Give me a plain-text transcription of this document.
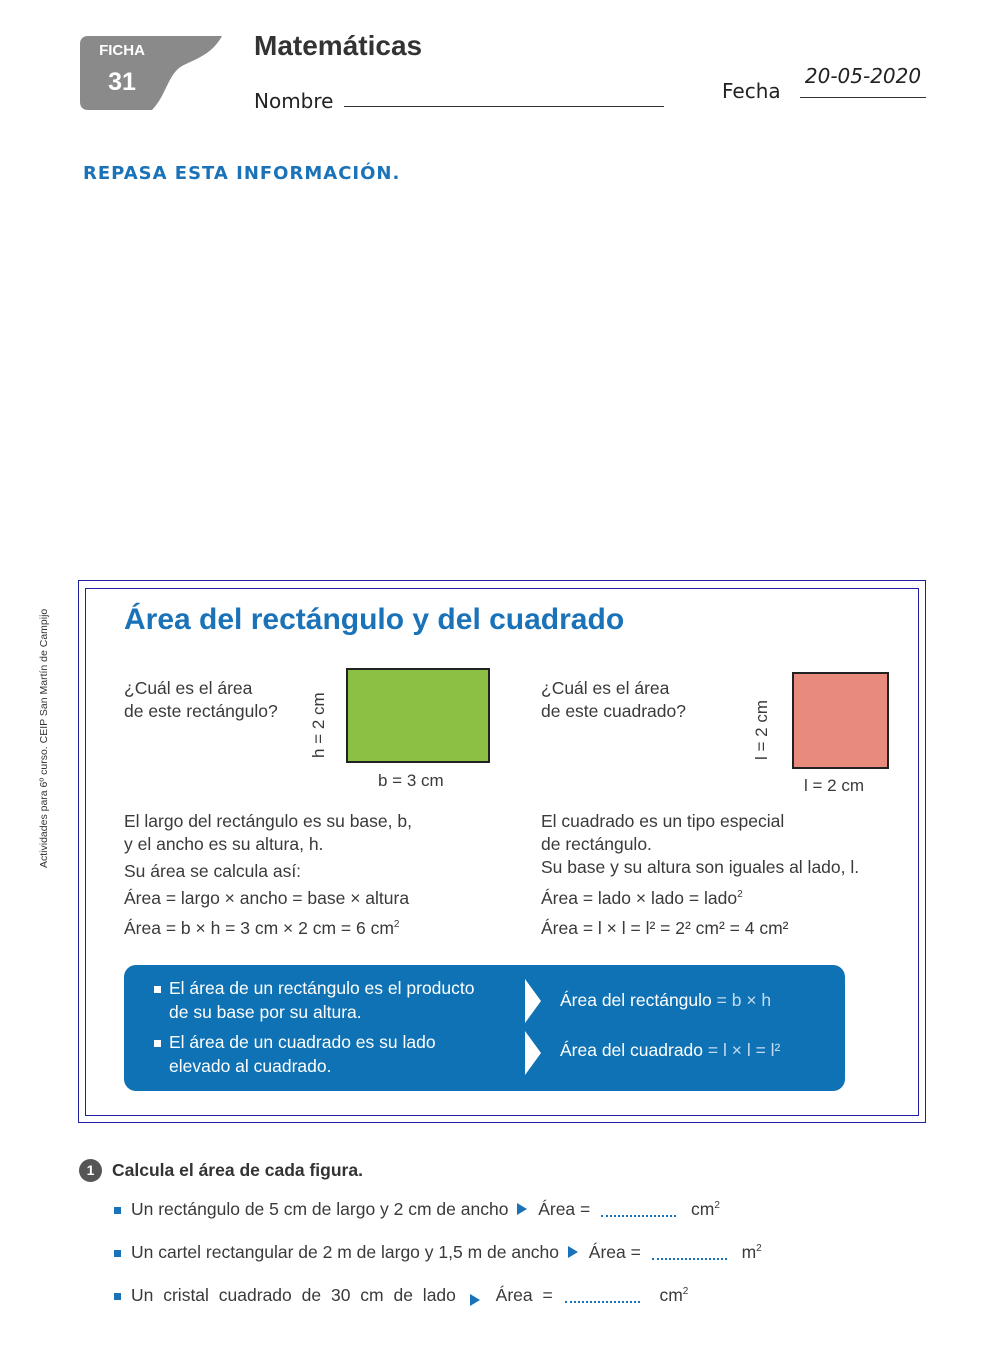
FICHA
31
Matemáticas
Nombre	Fecha
20-05-2020
REPASA ESTA INFORMACIÓN.
Actividades para 6º curso. CEIP San Martín de Campijo Área del rectángulo y del cuadrado
¿Cuál es el área
de este rectángulo?
¿Cuál es el área
de este cuadrado?
h = 2 cm
b = 3 cm
l = 2 cm
l = 2 cm
El largo del rectángulo es su base, b,
y el ancho es su altura, h.
Su área se calcula así:
Área = largo × ancho = base × altura
Área = b × h = 3 cm × 2 cm = 6 $cm^2$
El cuadrado es un tipo especial
de rectángulo.
Su base y su altura son iguales al lado, l.
Área = lado × lado = lado$^2$
Área = l × l = l² = 2² cm² = 4 cm²
El área de un rectángulo es el producto
de su base por su altura.
Área del rectángulo = b × h
El área de un cuadrado es su lado
elevado al cuadrado.
Área del cuadrado = l × l = l²
1	Calcula el área de cada figura.
Un rectángulo de 5 cm de largo y 2 cm de ancho Área =	$cm^2$
Un cartel rectangular de 2 m de largo y 1,5 m de ancho Área =	$m^2$
Un cristal cuadrado de 30 cm de lado Área =	$cm^2$
